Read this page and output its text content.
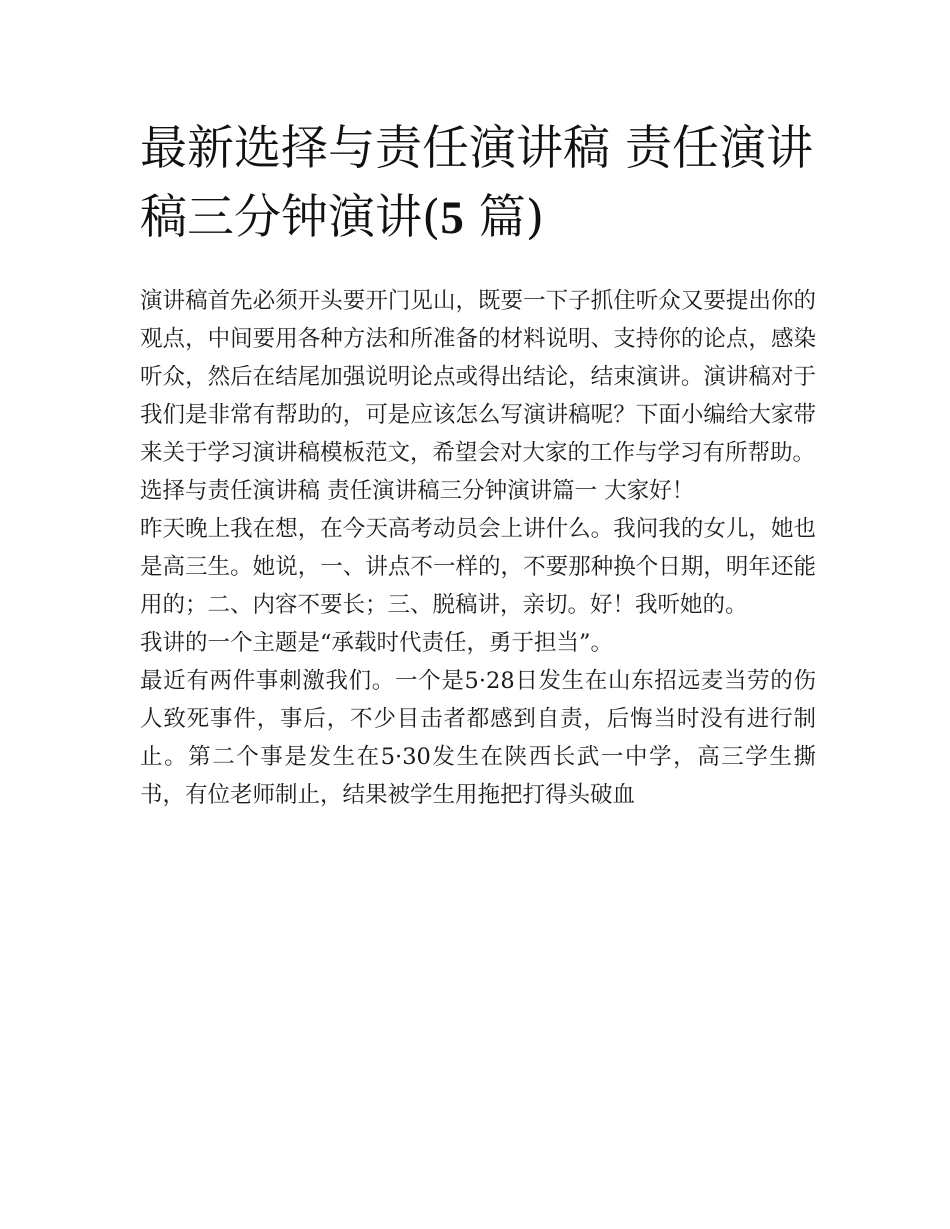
最新选择与责任演讲稿 责任演讲稿三分钟演讲(5 篇)

演讲稿首先必须开头要开门见山，既要一下子抓住听众又要提出你的观点，中间要用各种方法和所准备的材料说明、支持你的论点，感染听众，然后在结尾加强说明论点或得出结论，结束演讲。演讲稿对于我们是非常有帮助的，可是应该怎么写演讲稿呢？下面小编给大家带来关于学习演讲稿模板范文，希望会对大家的工作与学习有所帮助。

选择与责任演讲稿 责任演讲稿三分钟演讲篇一 大家好！

昨天晚上我在想，在今天高考动员会上讲什么。我问我的女儿，她也是高三生。她说，一、讲点不一样的，不要那种换个日期，明年还能用的；二、内容不要长；三、脱稿讲，亲切。好！我听她的。

我讲的一个主题是“承载时代责任，勇于担当”。

最近有两件事刺激我们。一个是5·28日发生在山东招远麦当劳的伤人致死事件，事后，不少目击者都感到自责，后悔当时没有进行制止。第二个事是发生在5·30发生在陕西长武一中学，高三学生撕书，有位老师制止，结果被学生用拖把打得头破血
